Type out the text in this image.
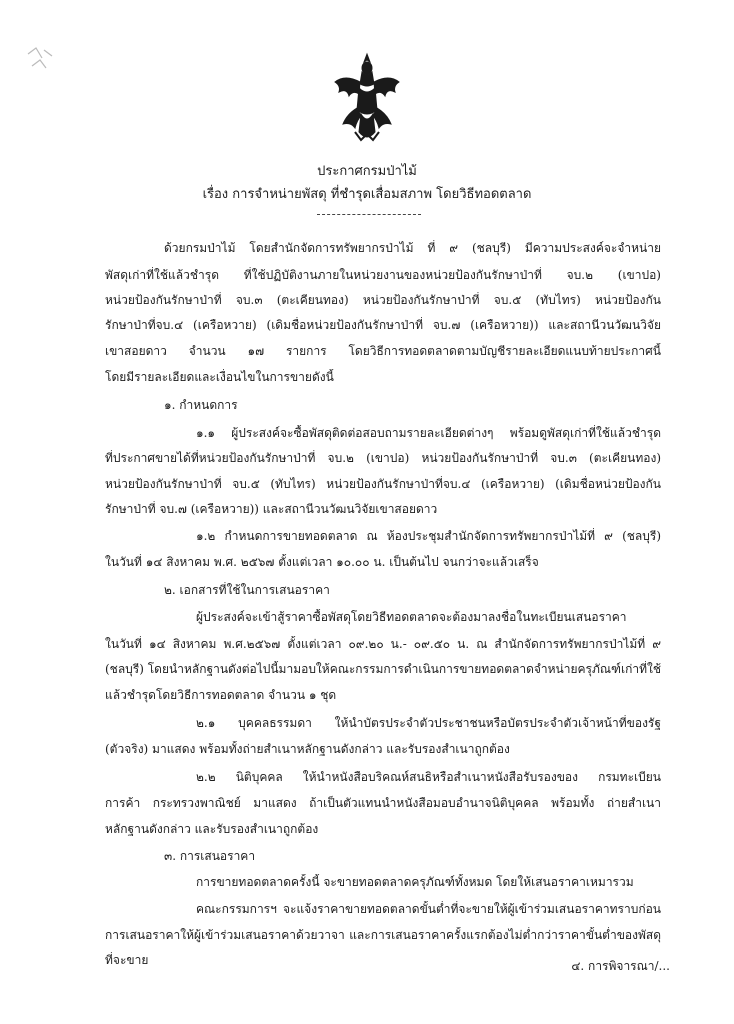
ประกาศกรมป่าไม้
เรื่อง การจำหน่ายพัสดุ ที่ชำรุดเสื่อมสภาพ โดยวิธีทอดตลาด
ด้วยกรมป่าไม้ โดยสำนักจัดการทรัพยากรป่าไม้ ที่ ๙ (ชลบุรี) มีความประสงค์จะจำหน่าย
พัสดุเก่าที่ใช้แล้วชำรุด ที่ใช้ปฏิบัติงานภายในหน่วยงานของหน่วยป้องกันรักษาป่าที่ จบ.๒ (เขาปอ)
หน่วยป้องกันรักษาป่าที่ จบ.๓ (ตะเคียนทอง) หน่วยป้องกันรักษาป่าที่ จบ.๕ (ทับไทร) หน่วยป้องกัน
รักษาป่าที่จบ.๔ (เครือหวาย) (เดิมชื่อหน่วยป้องกันรักษาป่าที่ จบ.๗ (เครือหวาย)) และสถานีวนวัฒนวิจัย
เขาสอยดาว จำนวน ๑๗ รายการ โดยวิธีการทอดตลาดตามบัญชีรายละเอียดแนบท้ายประกาศนี้
โดยมีรายละเอียดและเงื่อนไขในการขายดังนี้
๑. กำหนดการ
๑.๑ ผู้ประสงค์จะซื้อพัสดุติดต่อสอบถามรายละเอียดต่างๆ พร้อมดูพัสดุเก่าที่ใช้แล้วชำรุด
ที่ประกาศขายได้ที่หน่วยป้องกันรักษาป่าที่ จบ.๒ (เขาปอ) หน่วยป้องกันรักษาป่าที่ จบ.๓ (ตะเคียนทอง)
หน่วยป้องกันรักษาป่าที่ จบ.๕ (ทับไทร) หน่วยป้องกันรักษาป่าที่จบ.๔ (เครือหวาย) (เดิมชื่อหน่วยป้องกัน
รักษาป่าที่ จบ.๗ (เครือหวาย)) และสถานีวนวัฒนวิจัยเขาสอยดาว
๑.๒ กำหนดการขายทอดตลาด ณ ห้องประชุมสำนักจัดการทรัพยากรป่าไม้ที่ ๙ (ชลบุรี)
ในวันที่ ๑๔ สิงหาคม พ.ศ. ๒๕๖๗ ตั้งแต่เวลา ๑๐.๐๐ น. เป็นต้นไป จนกว่าจะแล้วเสร็จ
๒. เอกสารที่ใช้ในการเสนอราคา
ผู้ประสงค์จะเข้าสู้ราคาซื้อพัสดุโดยวิธีทอดตลาดจะต้องมาลงชื่อในทะเบียนเสนอราคา
ในวันที่ ๑๔ สิงหาคม พ.ศ.๒๕๖๗ ตั้งแต่เวลา ๐๙.๒๐ น.- ๐๙.๕๐ น. ณ สำนักจัดการทรัพยากรป่าไม้ที่ ๙
(ชลบุรี) โดยนำหลักฐานดังต่อไปนี้มามอบให้คณะกรรมการดำเนินการขายทอดตลาดจำหน่ายครุภัณฑ์เก่าที่ใช้
แล้วชำรุดโดยวิธีการทอดตลาด จำนวน ๑ ชุด
๒.๑ บุคคลธรรมดา ให้นำบัตรประจำตัวประชาชนหรือบัตรประจำตัวเจ้าหน้าที่ของรัฐ
(ตัวจริง) มาแสดง พร้อมทั้งถ่ายสำเนาหลักฐานดังกล่าว และรับรองสำเนาถูกต้อง
๒.๒ นิติบุคคล ให้นำหนังสือบริคณห์สนธิหรือสำเนาหนังสือรับรองของ กรมทะเบียน
การค้า กระทรวงพาณิชย์ มาแสดง ถ้าเป็นตัวแทนนำหนังสือมอบอำนาจนิติบุคคล พร้อมทั้ง ถ่ายสำเนา
หลักฐานดังกล่าว และรับรองสำเนาถูกต้อง
๓. การเสนอราคา
การขายทอดตลาดครั้งนี้ จะขายทอดตลาดครุภัณฑ์ทั้งหมด โดยให้เสนอราคาเหมารวม
คณะกรรมการฯ จะแจ้งราคาขายทอดตลาดขั้นต่ำที่จะขายให้ผู้เข้าร่วมเสนอราคาทราบก่อน
การเสนอราคาให้ผู้เข้าร่วมเสนอราคาด้วยวาจา และการเสนอราคาครั้งแรกต้องไม่ต่ำกว่าราคาขั้นต่ำของพัสดุ
ที่จะขาย	๔. การพิจารณา/...
